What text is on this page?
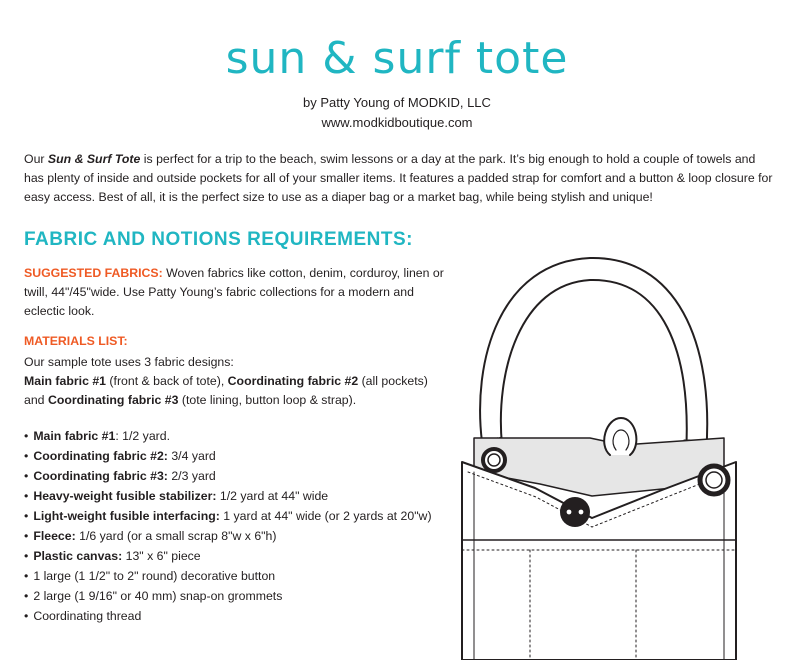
sun & surf tote
by Patty Young of MODKID, LLC
www.modkidboutique.com

Our Sun & Surf Tote is perfect for a trip to the beach, swim lessons or a day at the park. It’s big enough to hold a couple of towels and has plenty of inside and outside pockets for all of your smaller items. It features a padded strap for comfort and a button & loop closure for easy access. Best of all, it is the perfect size to use as a diaper bag or a market bag, while being stylish and unique!

FABRIC AND NOTIONS REQUIREMENTS:

SUGGESTED FABRICS: Woven fabrics like cotton, denim, corduroy, linen or twill, 44"/45"wide. Use Patty Young’s fabric collections for a modern and eclectic look.

MATERIALS LIST:

Our sample tote uses 3 fabric designs:
Main fabric #1 (front & back of tote), Coordinating fabric #2 (all pockets)
and Coordinating fabric #3 (tote lining, button loop & strap).

• Main fabric #1: 1/2 yard.
• Coordinating fabric #2: 3/4 yard
• Coordinating fabric #3: 2/3 yard
• Heavy-weight fusible stabilizer: 1/2 yard at 44" wide
• Light-weight fusible interfacing: 1 yard at 44" wide (or 2 yards at 20"w)
• Fleece: 1/6 yard (or a small scrap 8"w x 6"h)
• Plastic canvas: 13" x 6" piece
• 1 large (1 1/2" to 2" round) decorative button
• 2 large (1 9/16" or 40 mm) snap-on grommets
• Coordinating thread
